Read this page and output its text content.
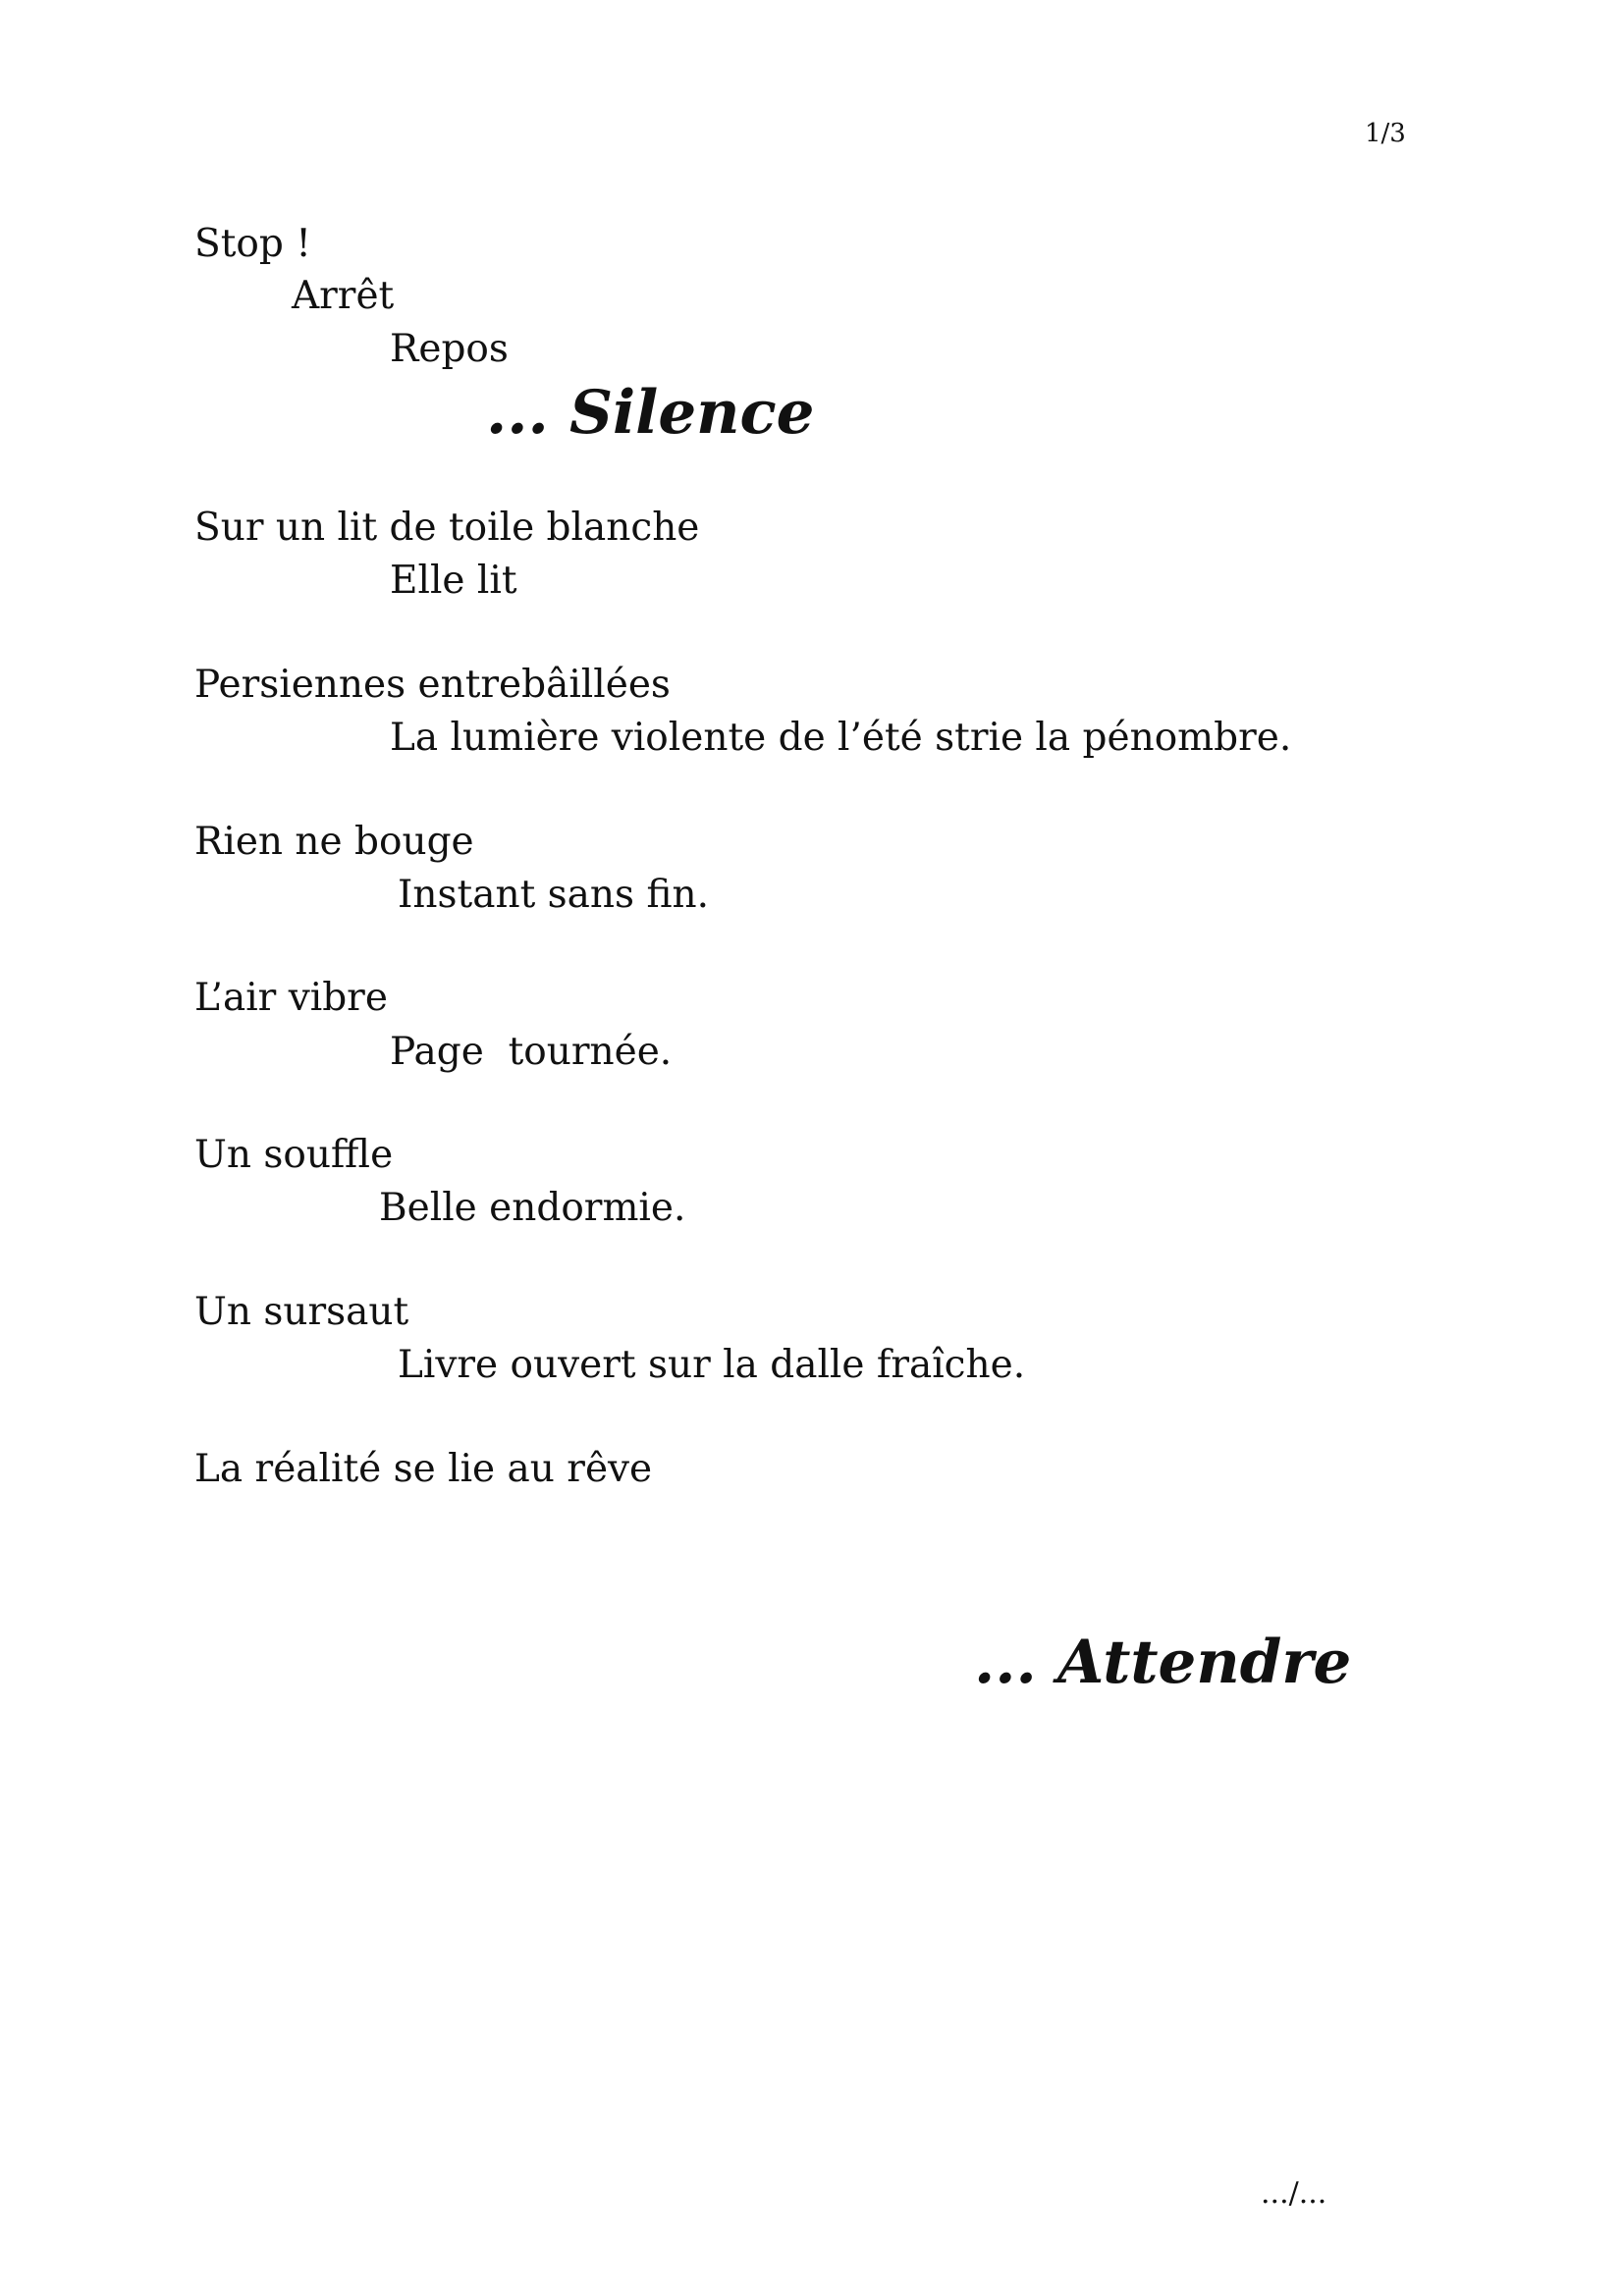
1/3
Stop !
Arrêt
Repos
... Silence
Sur un lit de toile blanche
Elle lit
Persiennes entrebâillées
La lumière violente de l’été strie la pénombre.
Rien ne bouge
Instant sans fin.
L’air vibre
Page  tournée.
Un souffle
Belle endormie.
Un sursaut
Livre ouvert sur la dalle fraîche.
La réalité se lie au rêve
... Attendre
.../...
